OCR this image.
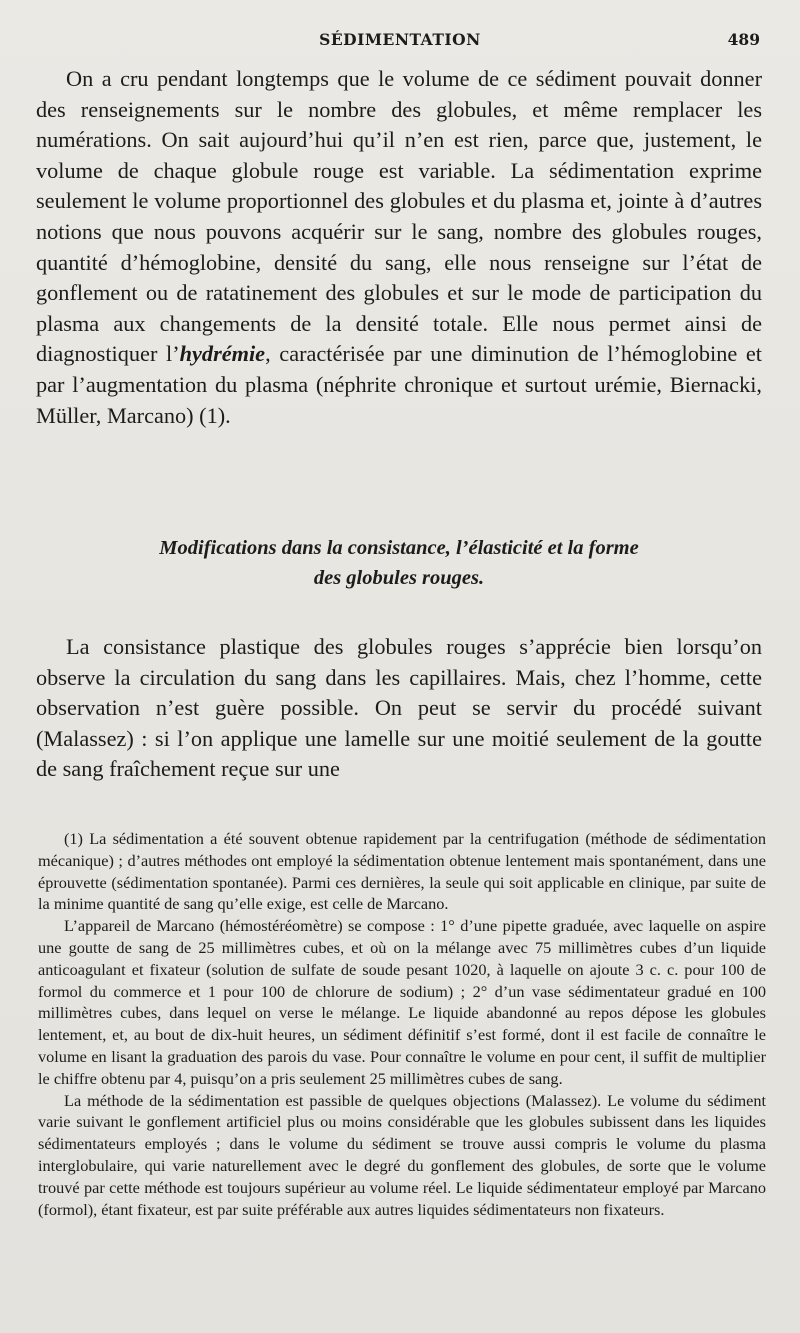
SÉDIMENTATION	489

On a cru pendant longtemps que le volume de ce sédiment pouvait donner des renseignements sur le nombre des globules, et même remplacer les numérations. On sait aujourd’hui qu’il n’en est rien, parce que, justement, le volume de chaque globule rouge est variable. La sédimentation exprime seulement le volume proportionnel des globules et du plasma et, jointe à d’autres notions que nous pouvons acquérir sur le sang, nombre des globules rouges, quantité d’hémoglobine, densité du sang, elle nous renseigne sur l’état de gonflement ou de ratatinement des globules et sur le mode de participation du plasma aux changements de la densité totale. Elle nous permet ainsi de diagnostiquer l’hydrémie, caractérisée par une diminution de l’hémoglobine et par l’augmentation du plasma (néphrite chronique et surtout urémie, Biernacki, Müller, Marcano) (1).

Modifications dans la consistance, l’élasticité et la forme
des globules rouges.

La consistance plastique des globules rouges s’apprécie bien lorsqu’on observe la circulation du sang dans les capillaires. Mais, chez l’homme, cette observation n’est guère possible. On peut se servir du procédé suivant (Malassez) : si l’on applique une lamelle sur une moitié seulement de la goutte de sang fraîchement reçue sur une

(1) La sédimentation a été souvent obtenue rapidement par la centrifugation (méthode de sédimentation mécanique) ; d’autres méthodes ont employé la sédimentation obtenue lentement mais spontanément, dans une éprouvette (sédimentation spontanée). Parmi ces dernières, la seule qui soit applicable en clinique, par suite de la minime quantité de sang qu’elle exige, est celle de Marcano.

L’appareil de Marcano (hémostéréomètre) se compose : 1° d’une pipette graduée, avec laquelle on aspire une goutte de sang de 25 millimètres cubes, et où on la mélange avec 75 millimètres cubes d’un liquide anticoagulant et fixateur (solution de sulfate de soude pesant 1020, à laquelle on ajoute 3 c. c. pour 100 de formol du commerce et 1 pour 100 de chlorure de sodium) ; 2° d’un vase sédimentateur gradué en 100 millimètres cubes, dans lequel on verse le mélange. Le liquide abandonné au repos dépose les globules lentement, et, au bout de dix-huit heures, un sédiment définitif s’est formé, dont il est facile de connaître le volume en lisant la graduation des parois du vase. Pour connaître le volume en pour cent, il suffit de multiplier le chiffre obtenu par 4, puisqu’on a pris seulement 25 millimètres cubes de sang.

La méthode de la sédimentation est passible de quelques objections (Malassez). Le volume du sédiment varie suivant le gonflement artificiel plus ou moins considérable que les globules subissent dans les liquides sédimentateurs employés ; dans le volume du sédiment se trouve aussi compris le volume du plasma interglobulaire, qui varie naturellement avec le degré du gonflement des globules, de sorte que le volume trouvé par cette méthode est toujours supérieur au volume réel. Le liquide sédimentateur employé par Marcano (formol), étant fixateur, est par suite préférable aux autres liquides sédimentateurs non fixateurs.
